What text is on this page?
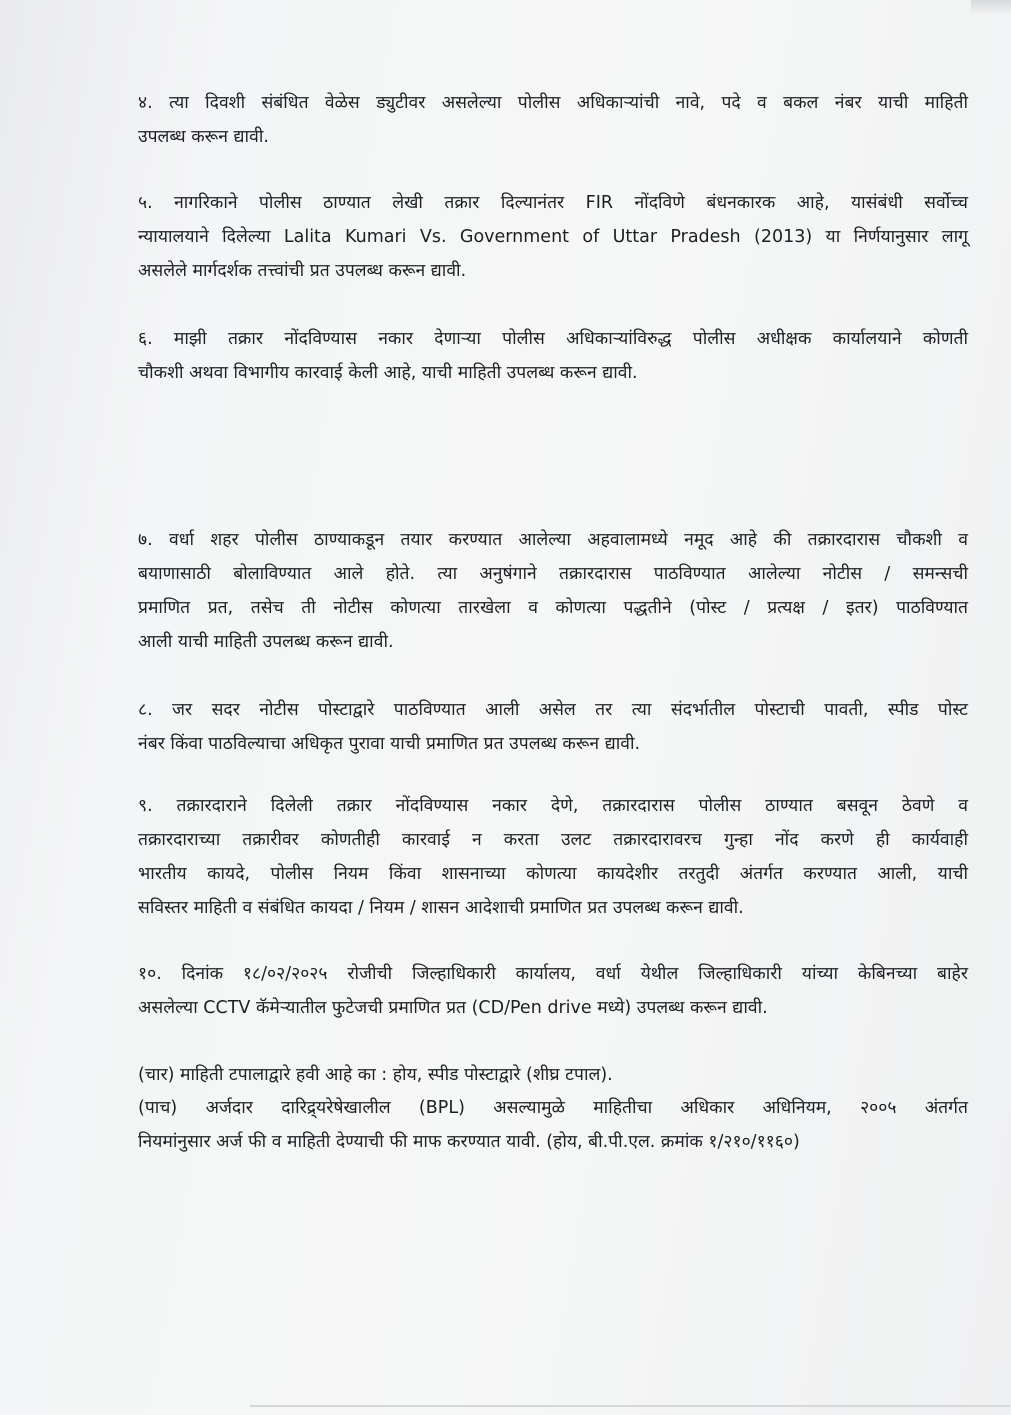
४. त्या दिवशी संबंधित वेळेस ड्युटीवर असलेल्या पोलीस अधिकाऱ्यांची नावे, पदे व बकल नंबर याची माहिती
उपलब्ध करून द्यावी.
५. नागरिकाने पोलीस ठाण्यात लेखी तक्रार दिल्यानंतर FIR नोंदविणे बंधनकारक आहे, यासंबंधी सर्वोच्च
न्यायालयाने दिलेल्या Lalita Kumari Vs. Government of Uttar Pradesh (2013) या निर्णयानुसार लागू
असलेले मार्गदर्शक तत्त्वांची प्रत उपलब्ध करून द्यावी.
६. माझी तक्रार नोंदविण्यास नकार देणाऱ्या पोलीस अधिकाऱ्यांविरुद्ध पोलीस अधीक्षक कार्यालयाने कोणती
चौकशी अथवा विभागीय कारवाई केली आहे, याची माहिती उपलब्ध करून द्यावी.
७. वर्धा शहर पोलीस ठाण्याकडून तयार करण्यात आलेल्या अहवालामध्ये नमूद आहे की तक्रारदारास चौकशी व
बयाणासाठी बोलाविण्यात आले होते. त्या अनुषंगाने तक्रारदारास पाठविण्यात आलेल्या नोटीस / समन्सची
प्रमाणित प्रत, तसेच ती नोटीस कोणत्या तारखेला व कोणत्या पद्धतीने (पोस्ट / प्रत्यक्ष / इतर) पाठविण्यात
आली याची माहिती उपलब्ध करून द्यावी.
८. जर सदर नोटीस पोस्टाद्वारे पाठविण्यात आली असेल तर त्या संदर्भातील पोस्टाची पावती, स्पीड पोस्ट
नंबर किंवा पाठविल्याचा अधिकृत पुरावा याची प्रमाणित प्रत उपलब्ध करून द्यावी.
९. तक्रारदाराने दिलेली तक्रार नोंदविण्यास नकार देणे, तक्रारदारास पोलीस ठाण्यात बसवून ठेवणे व
तक्रारदाराच्या तक्रारीवर कोणतीही कारवाई न करता उलट तक्रारदारावरच गुन्हा नोंद करणे ही कार्यवाही
भारतीय कायदे, पोलीस नियम किंवा शासनाच्या कोणत्या कायदेशीर तरतुदी अंतर्गत करण्यात आली, याची
सविस्तर माहिती व संबंधित कायदा / नियम / शासन आदेशाची प्रमाणित प्रत उपलब्ध करून द्यावी.
१०. दिनांक १८/०२/२०२५ रोजीची जिल्हाधिकारी कार्यालय, वर्धा येथील जिल्हाधिकारी यांच्या केबिनच्या बाहेर
असलेल्या CCTV कॅमेऱ्यातील फुटेजची प्रमाणित प्रत (CD/Pen drive मध्ये) उपलब्ध करून द्यावी.
(चार) माहिती टपालाद्वारे हवी आहे का : होय, स्पीड पोस्टाद्वारे (शीघ्र टपाल).
(पाच) अर्जदार दारिद्र्यरेषेखालील (BPL) असल्यामुळे माहितीचा अधिकार अधिनियम, २००५ अंतर्गत
नियमांनुसार अर्ज फी व माहिती देण्याची फी माफ करण्यात यावी. (होय, बी.पी.एल. क्रमांक १/२१०/११६०)
